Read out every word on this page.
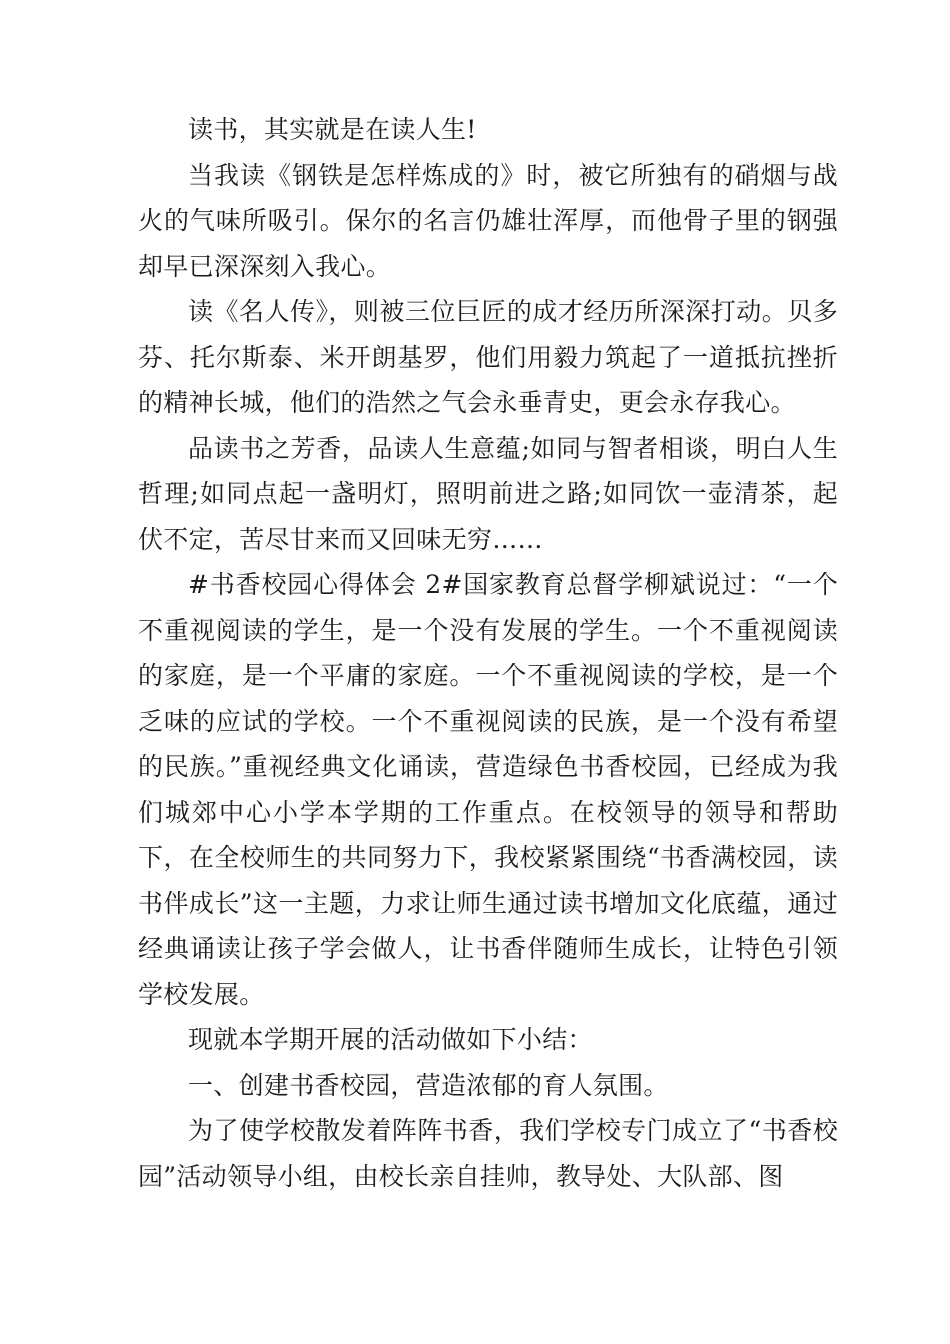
读书，其实就是在读人生!

当我读《钢铁是怎样炼成的》时，被它所独有的硝烟与战火的气味所吸引。保尔的名言仍雄壮浑厚，而他骨子里的钢强却早已深深刻入我心。

读《名人传》，则被三位巨匠的成才经历所深深打动。贝多芬、托尔斯泰、米开朗基罗，他们用毅力筑起了一道抵抗挫折的精神长城，他们的浩然之气会永垂青史，更会永存我心。

品读书之芳香，品读人生意蕴;如同与智者相谈，明白人生哲理;如同点起一盏明灯，照明前进之路;如同饮一壶清茶，起伏不定，苦尽甘来而又回味无穷……

#书香校园心得体会 2#国家教育总督学柳斌说过：“一个不重视阅读的学生，是一个没有发展的学生。一个不重视阅读的家庭，是一个平庸的家庭。一个不重视阅读的学校，是一个乏味的应试的学校。一个不重视阅读的民族，是一个没有希望的民族。”重视经典文化诵读，营造绿色书香校园，已经成为我们城郊中心小学本学期的工作重点。在校领导的领导和帮助下，在全校师生的共同努力下，我校紧紧围绕“书香满校园，读书伴成长”这一主题，力求让师生通过读书增加文化底蕴，通过经典诵读让孩子学会做人，让书香伴随师生成长，让特色引领学校发展。

现就本学期开展的活动做如下小结：

一、创建书香校园，营造浓郁的育人氛围。

为了使学校散发着阵阵书香，我们学校专门成立了“书香校园”活动领导小组，由校长亲自挂帅，教导处、大队部、图
